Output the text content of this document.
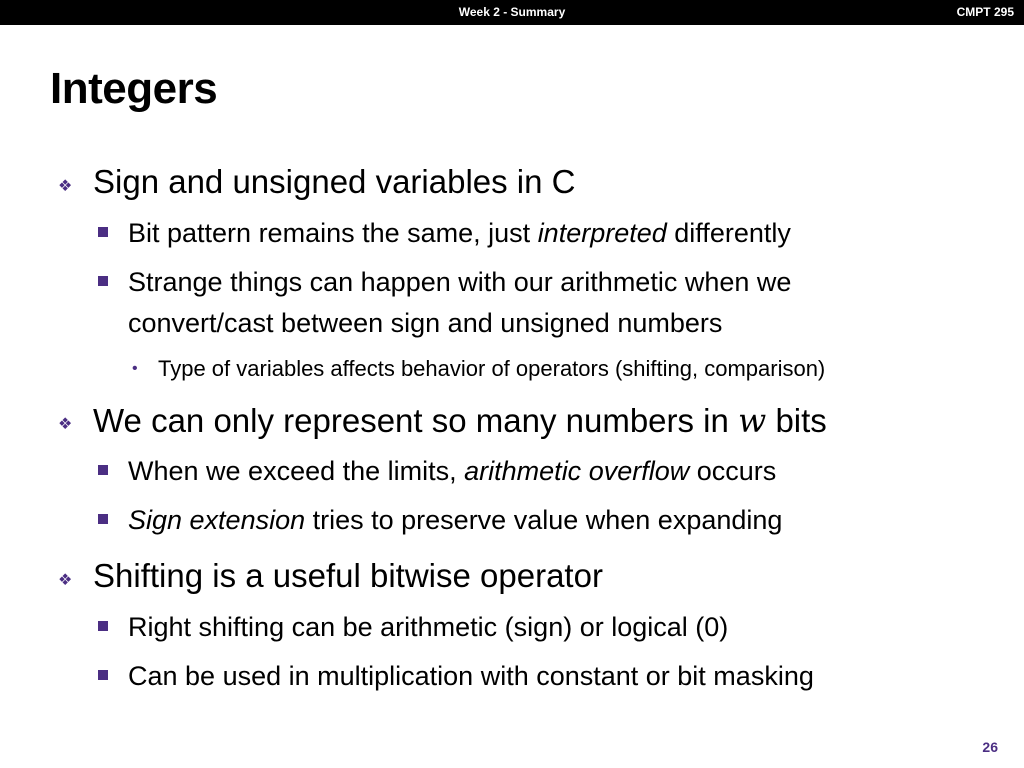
Week 2 - Summary	CMPT 295
Integers
❖ Sign and unsigned variables in C
Bit pattern remains the same, just interpreted differently
Strange things can happen with our arithmetic when we
convert/cast between sign and unsigned numbers
• Type of variables affects behavior of operators (shifting, comparison)
❖ We can only represent so many numbers in w bits
When we exceed the limits, arithmetic overflow occurs
Sign extension tries to preserve value when expanding
❖ Shifting is a useful bitwise operator
Right shifting can be arithmetic (sign) or logical (0)
Can be used in multiplication with constant or bit masking
26
